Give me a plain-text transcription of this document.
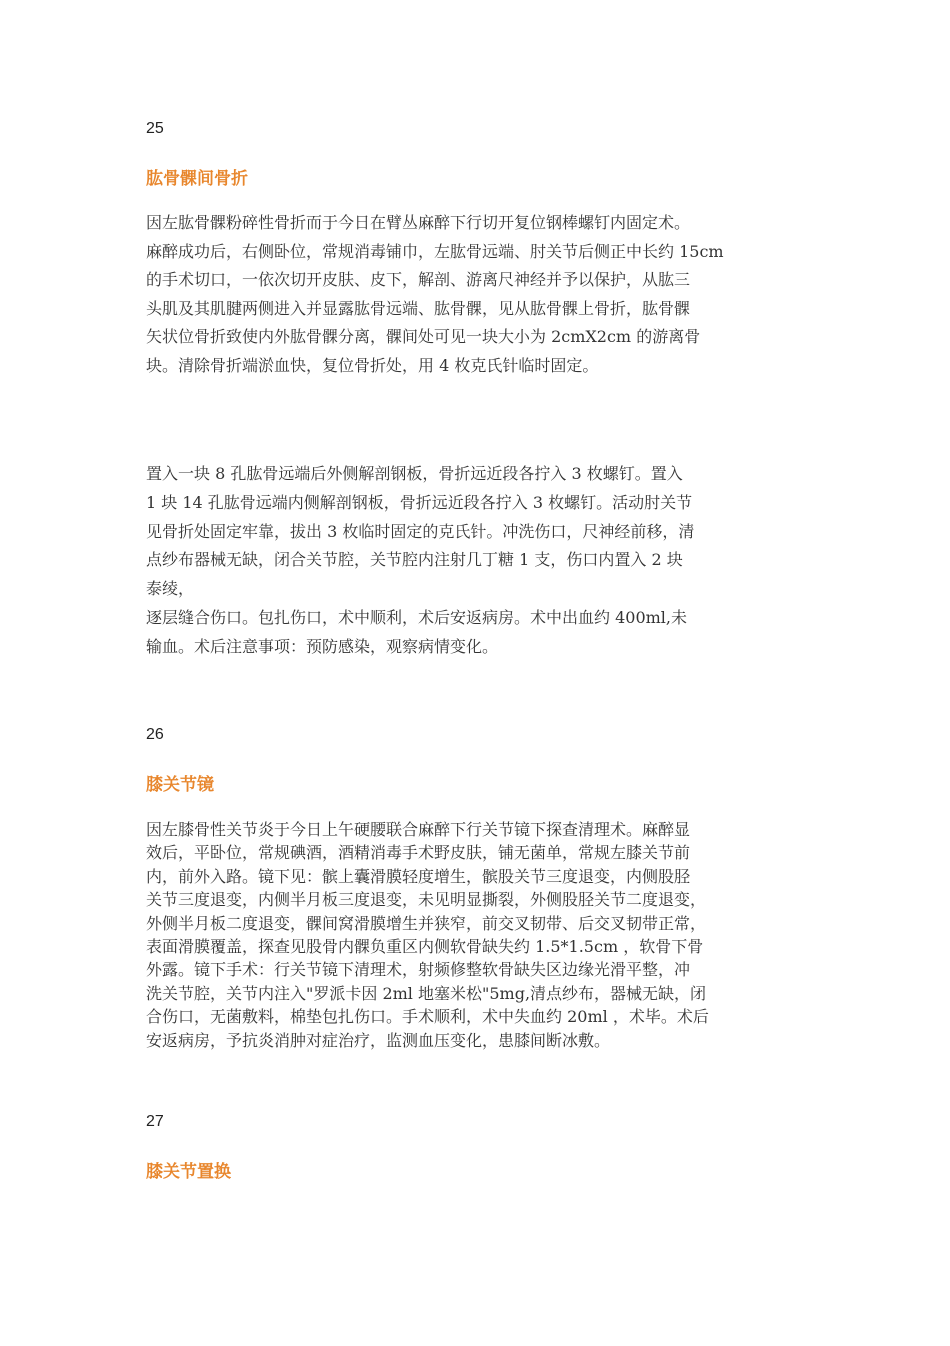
25
肱骨髁间骨折

因左肱骨髁粉碎性骨折而于今日在臂丛麻醉下行切开复位钢棒螺钉内固定术。
麻醉成功后，右侧卧位，常规消毒铺巾，左肱骨远端、肘关节后侧正中长约 15cm
的手术切口，一依次切开皮肤、皮下，解剖、游离尺神经并予以保护，从肱三
头肌及其肌腱两侧进入并显露肱骨远端、肱骨髁，见从肱骨髁上骨折，肱骨髁
矢状位骨折致使内外肱骨髁分离，髁间处可见一块大小为 2cmX2cm 的游离骨
块。清除骨折端淤血快，复位骨折处，用 4 枚克氏针临时固定。

置入一块 8 孔肱骨远端后外侧解剖钢板，骨折远近段各拧入 3 枚螺钉。置入
1 块 14 孔肱骨远端内侧解剖钢板，骨折远近段各拧入 3 枚螺钉。活动肘关节
见骨折处固定牢靠，拔出 3 枚临时固定的克氏针。冲洗伤口，尺神经前移，清
点纱布器械无缺，闭合关节腔，关节腔内注射几丁糖 1 支，伤口内置入 2 块
泰绫，
逐层缝合伤口。包扎伤口，术中顺利，术后安返病房。术中出血约 400ml,未
输血。术后注意事项：预防感染，观察病情变化。

26
膝关节镜

因左膝骨性关节炎于今日上午硬腰联合麻醉下行关节镜下探查清理术。麻醉显
效后，平卧位，常规碘酒，酒精消毒手术野皮肤，铺无菌单，常规左膝关节前
内，前外入路。镜下见：髌上囊滑膜轻度增生，髌股关节三度退变，内侧股胫
关节三度退变，内侧半月板三度退变，未见明显撕裂，外侧股胫关节二度退变，
外侧半月板二度退变，髁间窝滑膜增生并狭窄，前交叉韧带、后交叉韧带正常，
表面滑膜覆盖，探查见股骨内髁负重区内侧软骨缺失约 1.5*1.5cm ，软骨下骨
外露。镜下手术：行关节镜下清理术，射频修整软骨缺失区边缘光滑平整，冲
洗关节腔，关节内注入"罗派卡因 2ml 地塞米松"5mg,清点纱布，器械无缺，闭
合伤口，无菌敷料，棉垫包扎伤口。手术顺利，术中失血约 20ml ，术毕。术后
安返病房，予抗炎消肿对症治疗，监测血压变化，患膝间断冰敷。

27
膝关节置换
